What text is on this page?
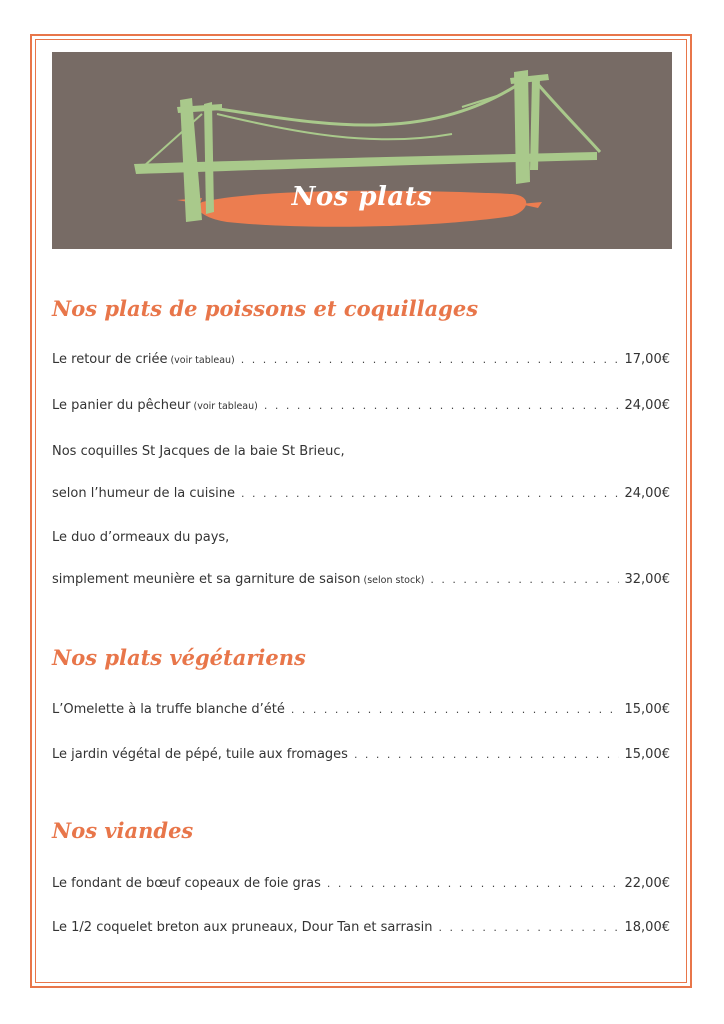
Nos plats
Nos plats de poissons et coquillages
Le retour de criée (voir tableau) . . .	17,00€
Le panier du pêcheur (voir tableau) . . .	24,00€
Nos coquilles St Jacques de la baie St Brieuc,
selon l’humeur de la cuisine . . .	24,00€
Le duo d’ormeaux du pays,
simplement meunière et sa garniture de saison (selon stock) . . .	32,00€
Nos plats végétariens
L’Omelette à la truffe blanche d’été . . .	15,00€
Le jardin végétal de pépé, tuile aux fromages . . .	15,00€
Nos viandes
Le fondant de bœuf copeaux de foie gras . . .	22,00€
Le 1/2 coquelet breton aux pruneaux, Dour Tan et sarrasin . . .	18,00€
